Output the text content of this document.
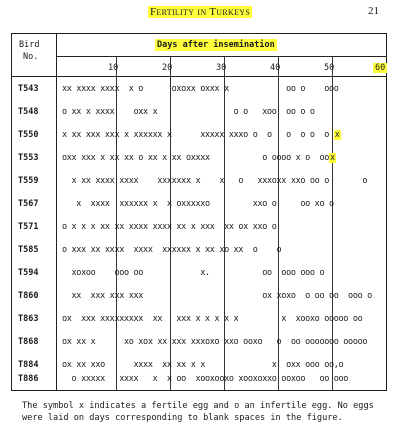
Fertility in Turkeys	21
Bird
No.
Days after insemination
10	20	30	40	50	60
T543	xx xxxx xxxx  x o      oxoxx oxxx x            oo o    ooo
T548	o xx x xxxx    oxx x                o o   xoo  oo o o
T550	x xx xxx xxx x xxxxxx x      xxxxx xxxo o  o   o  o o  o x
T553	oxx xxx x xx xx o xx x xx oxxxx           o oooo x o  oox
T559	x xx xxxx xxxx    xxxxxxx x    x   o   xxxoxx xxo oo o       o
T567	x  xxxx  xxxxxx x  x oxxxxxo         xxo o     oo xo o
T571	o x x x xx xx xxxx xxxx xx x xxx  xx ox xxo o
T585	o xxx xx xxxx  xxxx  xxxxxx x xx xo xx  o    o
T594	xoxoo    ooo oo            x.           oo  ooo ooo o
T860	xx  xxx xxx xxx                         ox xoxo  o oo oo  ooo o
T863	ox  xxx xxxxxxxxx  xx   xxx x x x x x         x  xooxo ooooo oo
T868	ox xx x      xo xox xx xxx xxxoxo xxo ooxo   o  oo ooooooo ooooo
T884	ox xx xxo      xxxx  xx xx x x              x  oxx ooo oo,o
T886	o xxxxx   xxxx   x  x oo  xooxooxo xooxoxxo ooxoo   oo ooo
The symbol x indicates a fertile egg and o an infertile egg. No eggs were laid on days corresponding to blank spaces in the figure.
